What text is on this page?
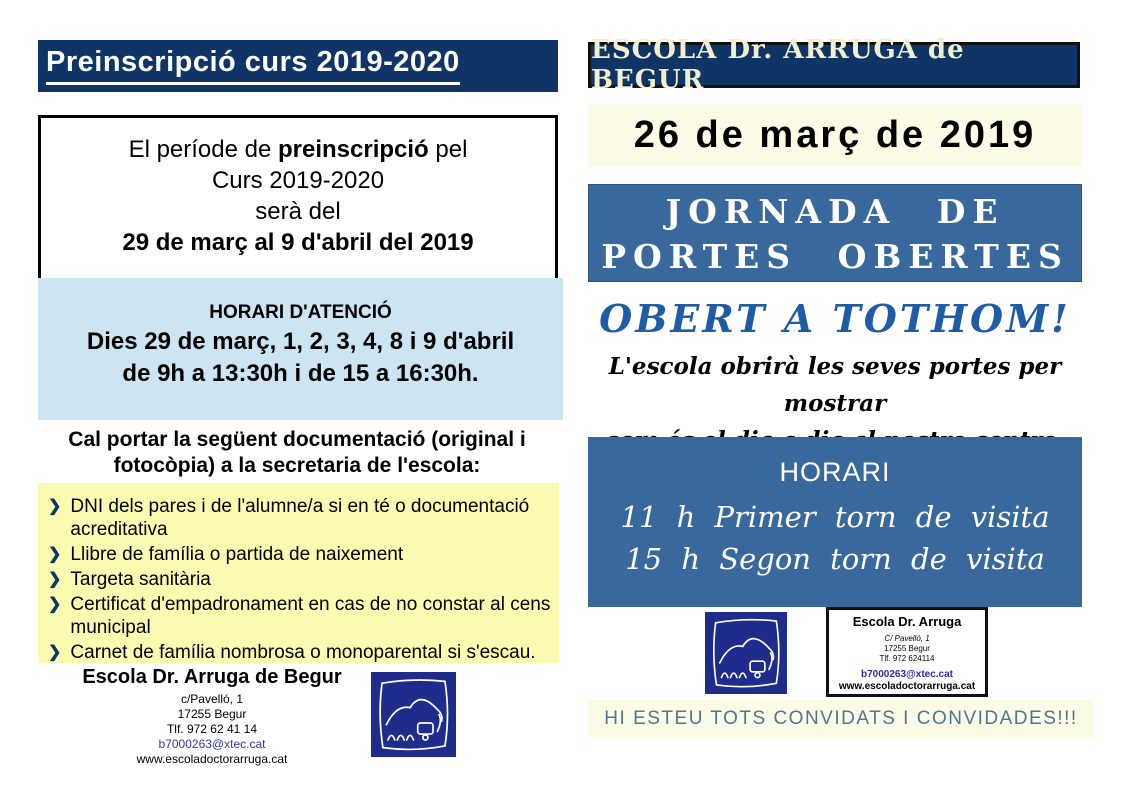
Preinscripció curs 2019-2020

El període de preinscripció pel

Curs 2019-2020

serà del

29 de març al 9 d'abril del 2019

HORARI D'ATENCIÓ
Dies 29 de març, 1, 2, 3, 4, 8 i 9 d'abril
de 9h a 13:30h i de 15 a 16:30h.

Cal portar la següent documentació (original i fotocòpia) a la secretaria de l'escola:

❯ DNI dels pares i de l'alumne/a si en té o documentació acreditativa
❯ Llibre de família o partida de naixement
❯ Targeta sanitària
❯ Certificat d'empadronament en cas de no constar al cens municipal
❯ Carnet de família nombrosa o monoparental si s'escau.
Escola Dr. Arruga de Begur
c/Pavelló, 1
17255 Begur
Tlf. 972 62 41 14
b7000263@xtec.cat
www.escoladoctorarruga.cat
ESCOLA Dr. ARRUGA de BEGUR
26 de març de 2019
JORNADA DE
PORTES OBERTES
OBERT A TOTHOM!
L'escola obrirà les seves portes per mostrar
HORARI
11 h Primer torn de visita
15 h Segon torn de visita
Escola Dr. Arruga
C/ Pavelló, 1
17255 Begur
Tlf. 972 624114
b7000263@xtec.cat
www.escoladoctorarruga.cat
HI ESTEU TOTS CONVIDATS I CONVIDADES!!!
